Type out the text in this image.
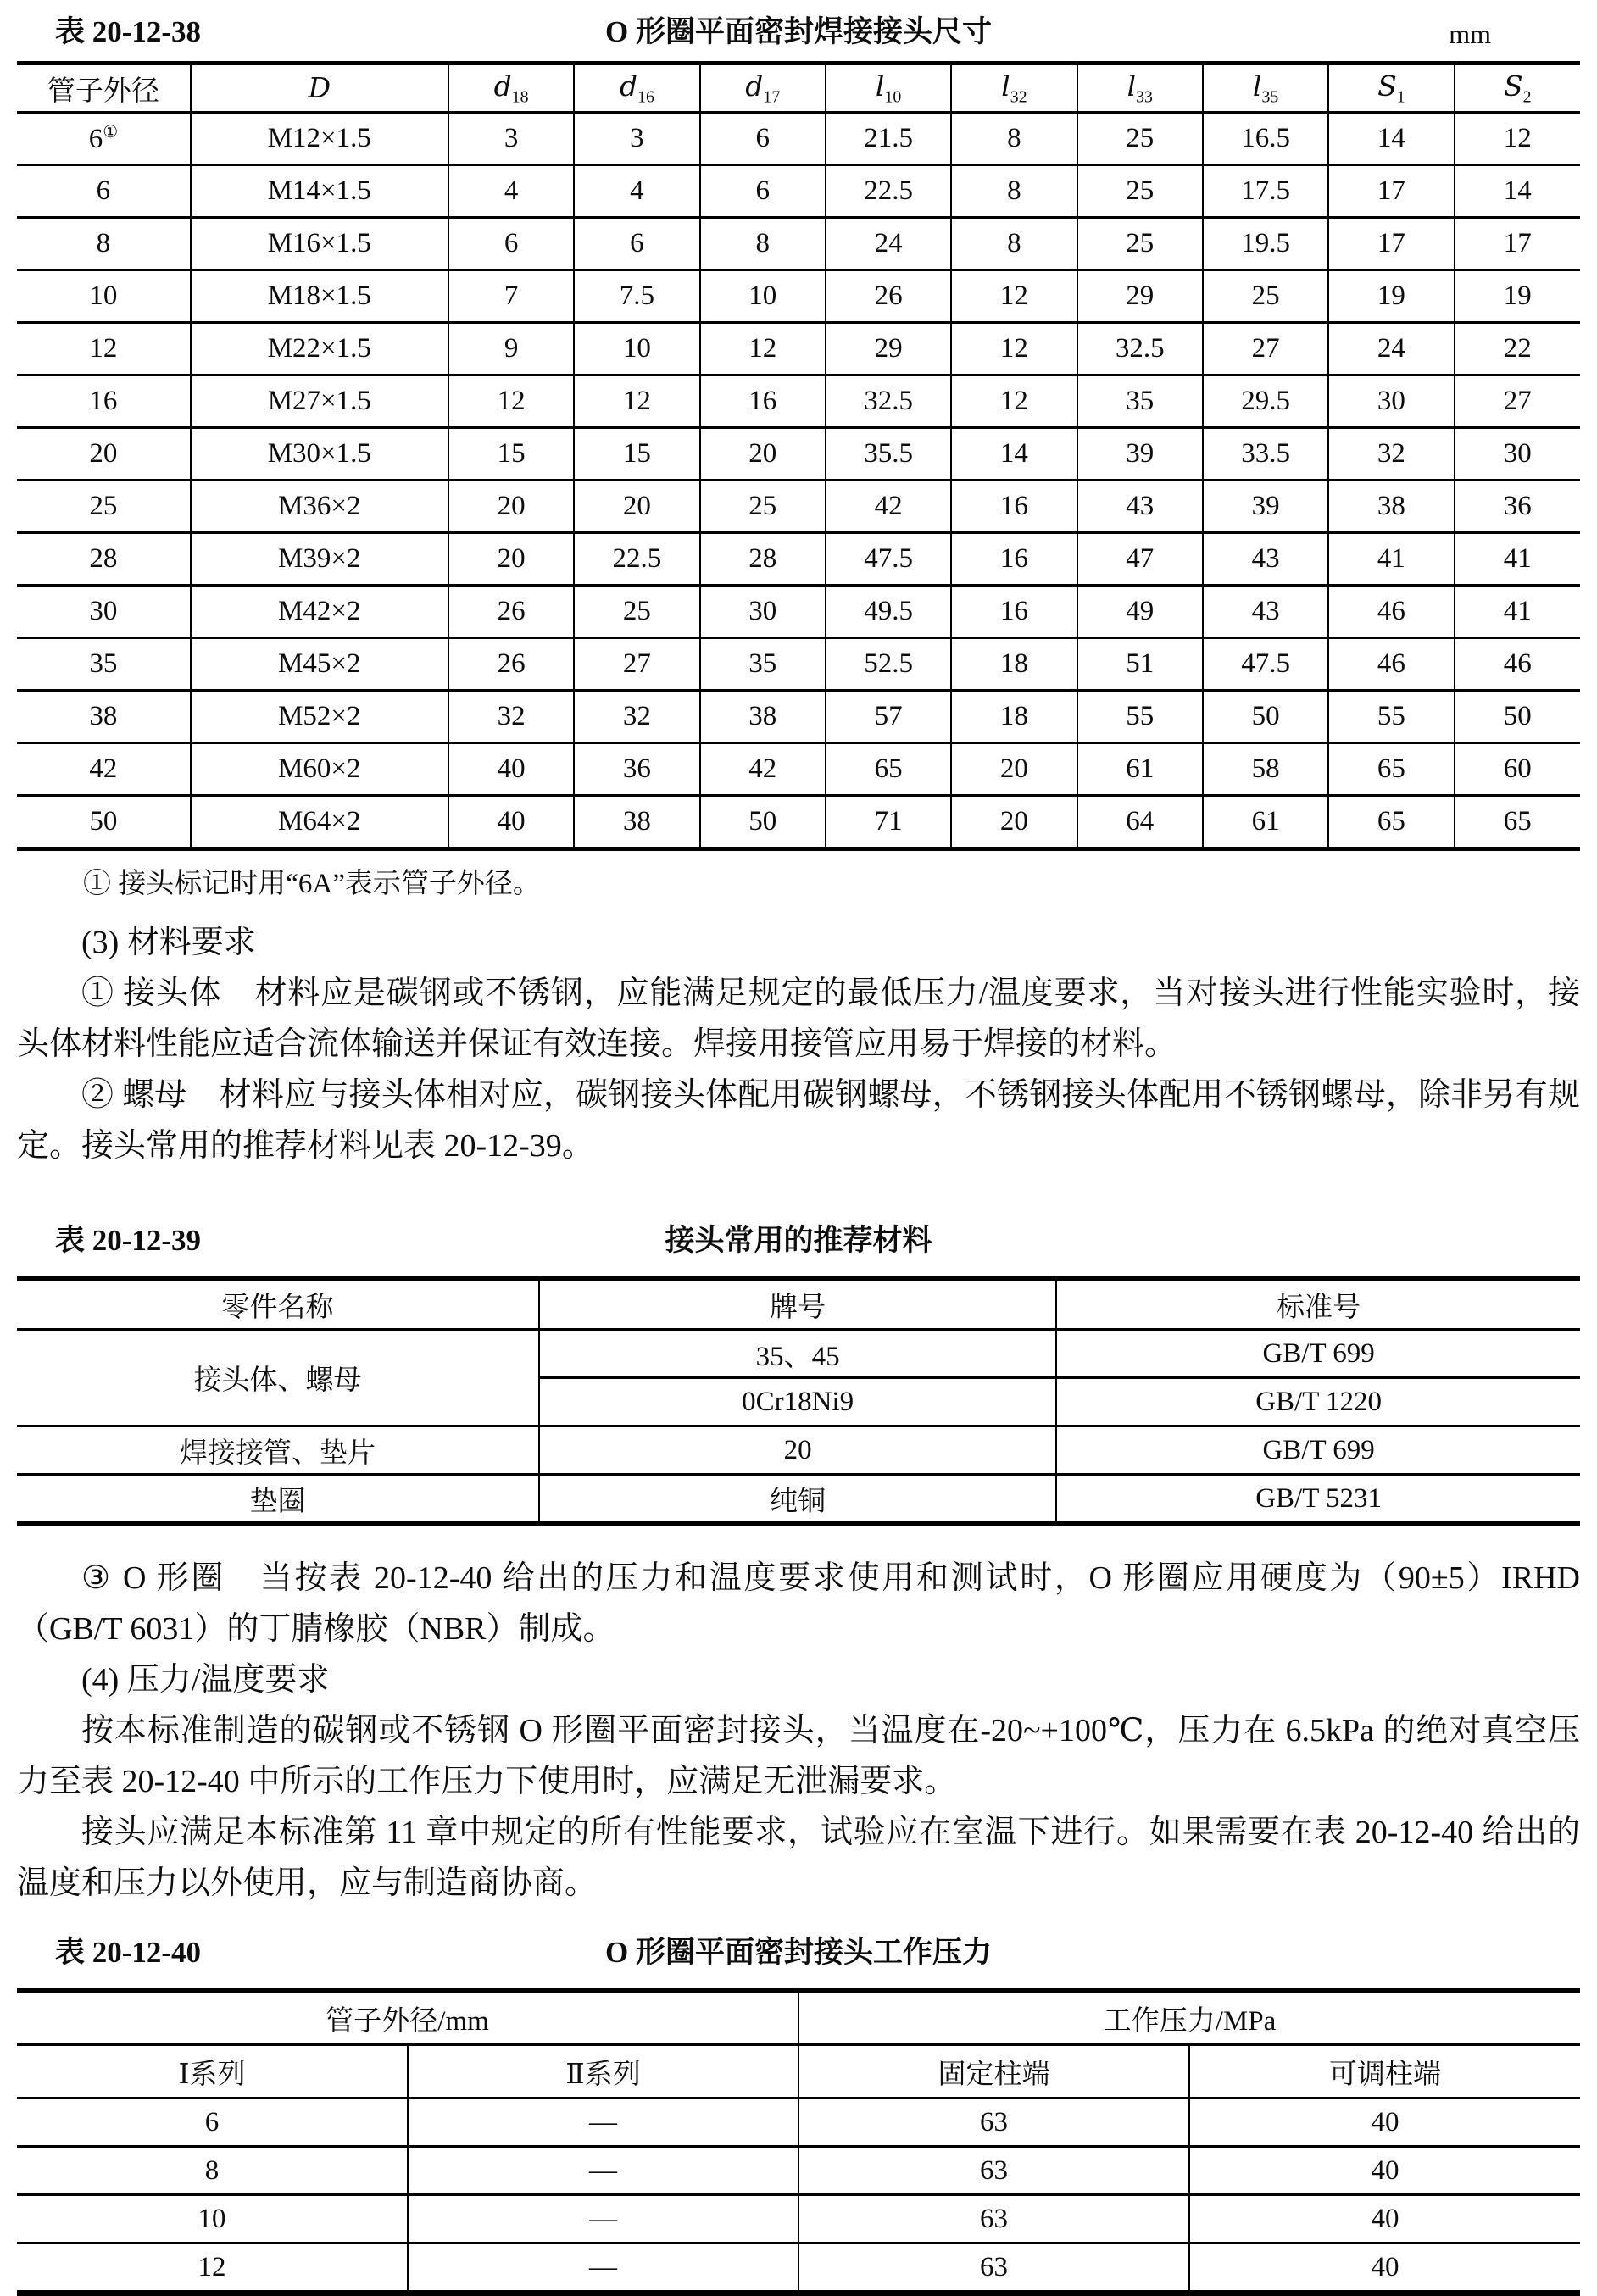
表 20-12-38	O 形圈平面密封焊接接头尺寸	mm
管子外径	D	$d_{18}$	$d_{16}$	$d_{17}$	$l_{10}$	$l_{32}$	$l_{33}$	$l_{35}$	$S_1$	$S_2$
6①	M12×1.5	3	3	6	21.5	8	25	16.5	14	12
6	M14×1.5	4	4	6	22.5	8	25	17.5	17	14
8	M16×1.5	6	6	8	24	8	25	19.5	17	17
10	M18×1.5	7	7.5	10	26	12	29	25	19	19
12	M22×1.5	9	10	12	29	12	32.5	27	24	22
16	M27×1.5	12	12	16	32.5	12	35	29.5	30	27
20	M30×1.5	15	15	20	35.5	14	39	33.5	32	30
25	M36×2	20	20	25	42	16	43	39	38	36
28	M39×2	20	22.5	28	47.5	16	47	43	41	41
30	M42×2	26	25	30	49.5	16	49	43	46	41
35	M45×2	26	27	35	52.5	18	51	47.5	46	46
38	M52×2	32	32	38	57	18	55	50	55	50
42	M60×2	40	36	42	65	20	61	58	65	60
50	M64×2	40	38	50	71	20	64	61	65	65
① 接头标记时用“6A”表示管子外径。

(3) 材料要求

① 接头体　材料应是碳钢或不锈钢，应能满足规定的最低压力/温度要求，当对接头进行性能实验时，接头体材料性能应适合流体输送并保证有效连接。焊接用接管应用易于焊接的材料。

② 螺母　材料应与接头体相对应，碳钢接头体配用碳钢螺母，不锈钢接头体配用不锈钢螺母，除非另有规定。接头常用的推荐材料见表 20-12-39。

表 20-12-39	接头常用的推荐材料
零件名称	牌号	标准号
接头体、螺母	35、45	GB/T 699
	0Cr18Ni9	GB/T 1220
焊接接管、垫片	20	GB/T 699
垫圈	纯铜	GB/T 5231

③ O 形圈　当按表 20-12-40 给出的压力和温度要求使用和测试时，O 形圈应用硬度为（90±5）IRHD（GB/T 6031）的丁腈橡胶（NBR）制成。

(4) 压力/温度要求

按本标准制造的碳钢或不锈钢 O 形圈平面密封接头，当温度在-20~+100℃，压力在 6.5kPa 的绝对真空压力至表 20-12-40 中所示的工作压力下使用时，应满足无泄漏要求。

接头应满足本标准第 11 章中规定的所有性能要求，试验应在室温下进行。如果需要在表 20-12-40 给出的温度和压力以外使用，应与制造商协商。

表 20-12-40	O 形圈平面密封接头工作压力
管子外径/mm		工作压力/MPa	
Ⅰ系列	Ⅱ系列	固定柱端	可调柱端
6	—	63	40
8	—	63	40
10	—	63	40
12	—	63	40
